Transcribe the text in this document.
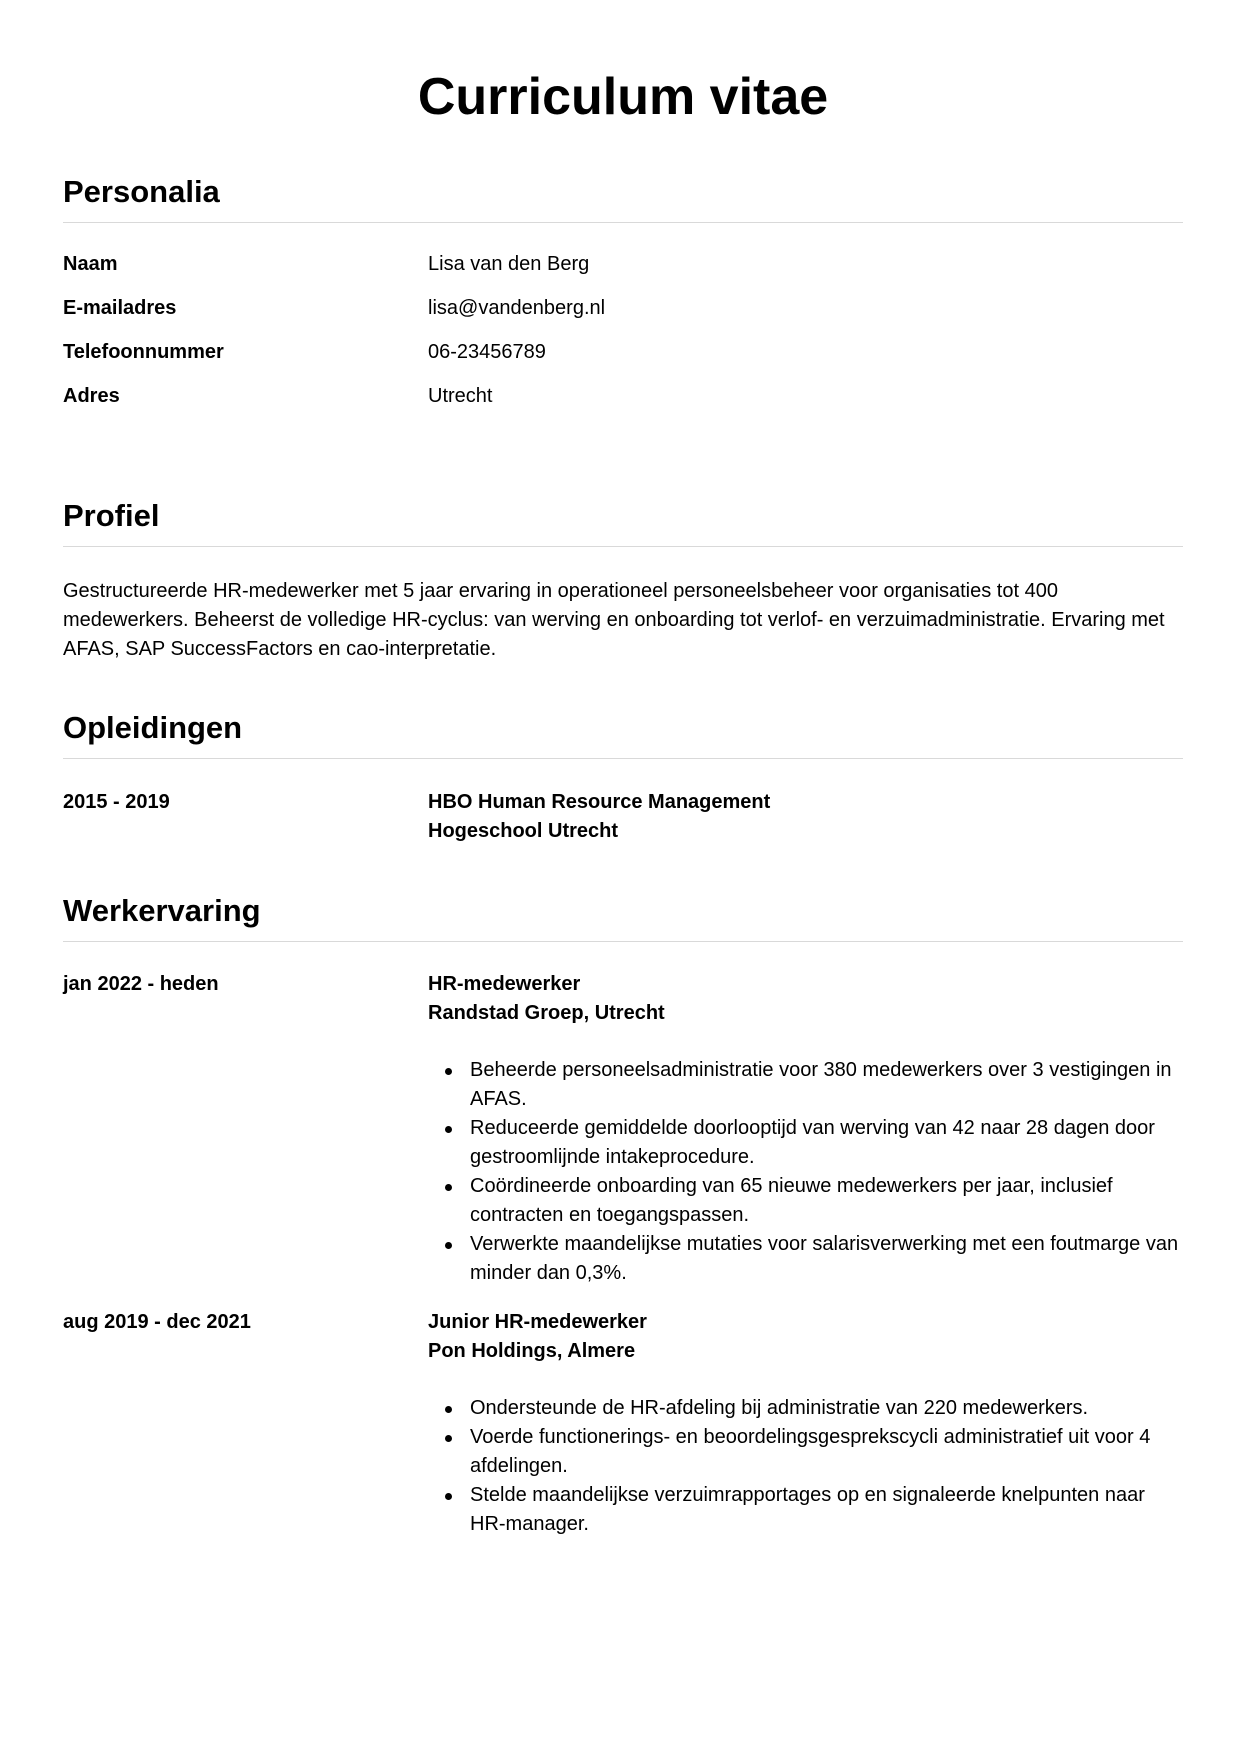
Curriculum vitae
Personalia
Naam	Lisa van den Berg
E-mailadres	lisa@vandenberg.nl
Telefoonnummer	06-23456789
Adres	Utrecht
Profiel

Gestructureerde HR-medewerker met 5 jaar ervaring in operationeel personeelsbeheer voor organisaties tot 400 medewerkers. Beheerst de volledige HR-cyclus: van werving en onboarding tot verlof- en verzuimadministratie. Ervaring met AFAS, SAP SuccessFactors en cao-interpretatie.

Opleidingen
2015 - 2019	HBO Human Resource Management
Hogeschool Utrecht
Werkervaring
jan 2022 - heden	HR-medewerker
Randstad Groep, Utrecht
Beheerde personeelsadministratie voor 380 medewerkers over 3 vestigingen in AFAS.
Reduceerde gemiddelde doorlooptijd van werving van 42 naar 28 dagen door gestroomlijnde intakeprocedure.
Coördineerde onboarding van 65 nieuwe medewerkers per jaar, inclusief contracten en toegangspassen.
Verwerkte maandelijkse mutaties voor salarisverwerking met een foutmarge van minder dan 0,3%.
aug 2019 - dec 2021	Junior HR-medewerker
Pon Holdings, Almere
Ondersteunde de HR-afdeling bij administratie van 220 medewerkers.
Voerde functionerings- en beoordelingsgesprekscycli administratief uit voor 4 afdelingen.
Stelde maandelijkse verzuimrapportages op en signaleerde knelpunten naar HR-manager.
